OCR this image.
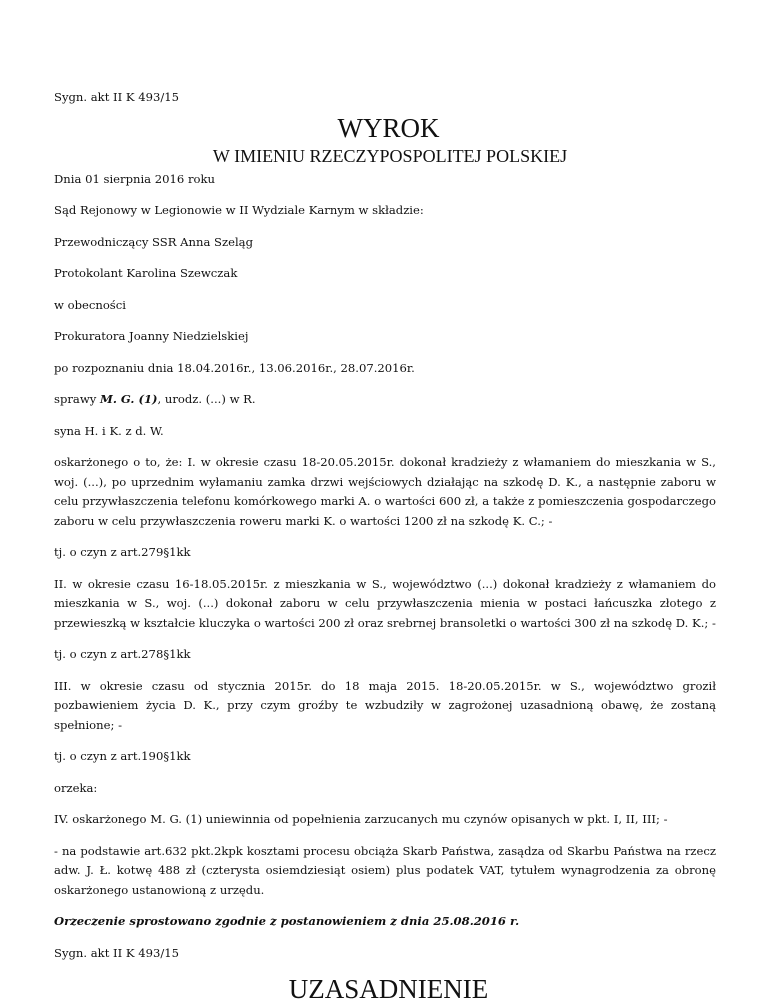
Sygn. akt II K 493/15

WYROK

W IMIENIU RZECZYPOSPOLITEJ POLSKIEJ

Dnia 01 sierpnia 2016 roku

Sąd Rejonowy w Legionowie w II Wydziale Karnym w składzie:

Przewodniczący SSR Anna Szeląg

Protokolant Karolina Szewczak

w obecności

Prokuratora Joanny Niedzielskiej

po rozpoznaniu dnia 18.04.2016r., 13.06.2016r., 28.07.2016r.

sprawy M. G. (1), urodz. (...) w R.

syna H. i K. z d. W.

oskarżonego o to, że: I. w okresie czasu 18-20.05.2015r. dokonał kradzieży z włamaniem do mieszkania w S., woj. (...), po uprzednim wyłamaniu zamka drzwi wejściowych działając na szkodę D. K., a następnie zaboru w celu przywłaszczenia telefonu komórkowego marki A. o wartości 600 zł, a także z pomieszczenia gospodarczego zaboru w celu przywłaszczenia roweru marki K. o wartości 1200 zł na szkodę K. C.; -

tj. o czyn z art.279§1kk

II. w okresie czasu 16-18.05.2015r. z mieszkania w S., województwo (...) dokonał kradzieży z włamaniem do mieszkania w S., woj. (...) dokonał zaboru w celu przywłaszczenia mienia w postaci łańcuszka złotego z przewieszką w kształcie kluczyka o wartości 200 zł oraz srebrnej bransoletki o wartości 300 zł na szkodę D. K.; -

tj. o czyn z art.278§1kk

III. w okresie czasu od stycznia 2015r. do 18 maja 2015. 18-20.05.2015r. w S., województwo groził pozbawieniem życia D. K., przy czym groźby te wzbudziły w zagrożonej uzasadnioną obawę, że zostaną spełnione; -

tj. o czyn z art.190§1kk

orzeka:

IV. oskarżonego M. G. (1) uniewinnia od popełnienia zarzucanych mu czynów opisanych w pkt. I, II, III; -

- na podstawie art.632 pkt.2kpk kosztami procesu obciąża Skarb Państwa, zasądza od Skarbu Państwa na rzecz adw. J. Ł. kotwę 488 zł (czterysta osiemdziesiąt osiem) plus podatek VAT, tytułem wynagrodzenia za obronę oskarżonego ustanowioną z urzędu.

Orzeczenie sprostowano zgodnie z postanowieniem z dnia 25.08.2016 r.

Sygn. akt II K 493/15

UZASADNIENIE
